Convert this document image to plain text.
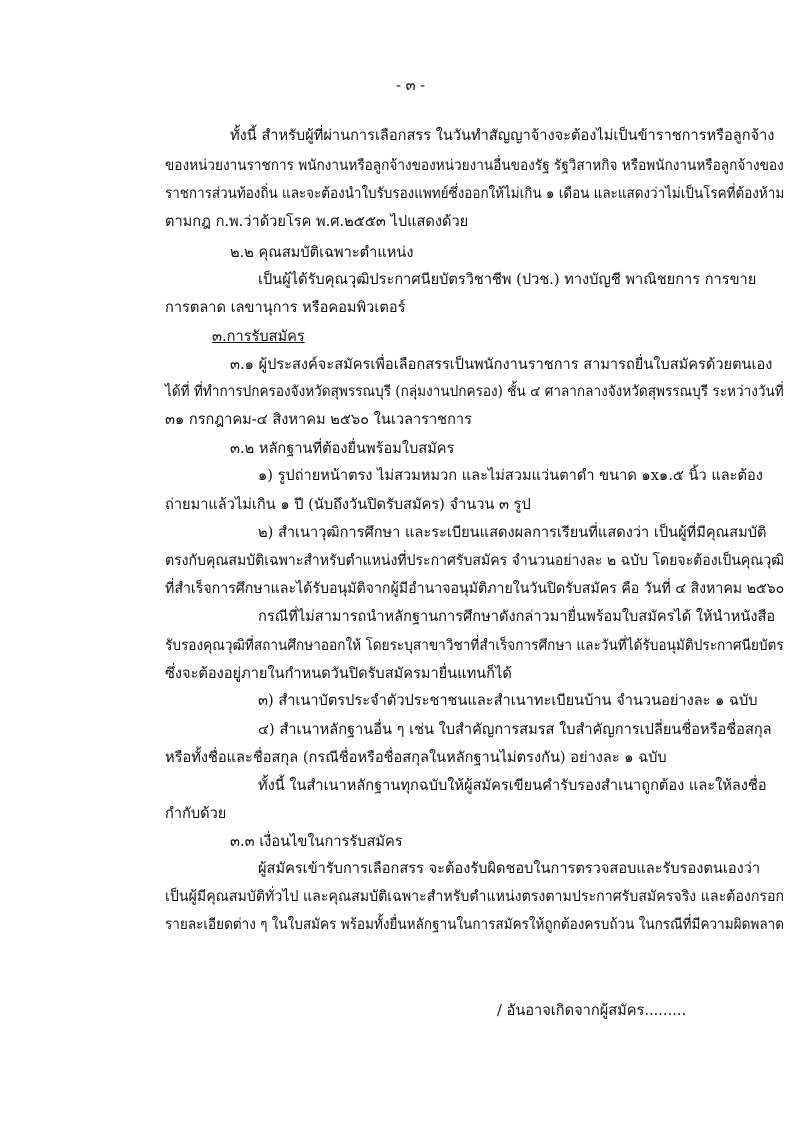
- ๓ -

ทั้งนี้ สำหรับผู้ที่ผ่านการเลือกสรร ในวันทำสัญญาจ้างจะต้องไม่เป็นข้าราชการหรือลูกจ้าง

ของหน่วยงานราชการ พนักงานหรือลูกจ้างของหน่วยงานอื่นของรัฐ รัฐวิสาหกิจ หรือพนักงานหรือลูกจ้างของ

ราชการส่วนท้องถิ่น และจะต้องนำใบรับรองแพทย์ซึ่งออกให้ไม่เกิน ๑ เดือน และแสดงว่าไม่เป็นโรคที่ต้องห้าม

ตามกฎ ก.พ.ว่าด้วยโรค พ.ศ.๒๕๕๓ ไปแสดงด้วย

๒.๒ คุณสมบัติเฉพาะตำแหน่ง

เป็นผู้ได้รับคุณวุฒิประกาศนียบัตรวิชาชีพ (ปวช.) ทางบัญชี พาณิชยการ การขาย

การตลาด เลขานุการ หรือคอมพิวเตอร์

๓.การรับสมัคร

๓.๑ ผู้ประสงค์จะสมัครเพื่อเลือกสรรเป็นพนักงานราชการ สามารถยื่นใบสมัครด้วยตนเอง

ได้ที่ ที่ทำการปกครองจังหวัดสุพรรณบุรี (กลุ่มงานปกครอง) ชั้น ๔ ศาลากลางจังหวัดสุพรรณบุรี ระหว่างวันที่

๓๑ กรกฎาคม-๔ สิงหาคม ๒๕๖๐ ในเวลาราชการ

๓.๒ หลักฐานที่ต้องยื่นพร้อมใบสมัคร

๑) รูปถ่ายหน้าตรง ไม่สวมหมวก และไม่สวมแว่นตาดำ ขนาด ๑x๑.๕ นิ้ว และต้อง

ถ่ายมาแล้วไม่เกิน ๑ ปี (นับถึงวันปิดรับสมัคร) จำนวน ๓ รูป

๒) สำเนาวุฒิการศึกษา และระเบียนแสดงผลการเรียนที่แสดงว่า เป็นผู้ที่มีคุณสมบัติ

ตรงกับคุณสมบัติเฉพาะสำหรับตำแหน่งที่ประกาศรับสมัคร จำนวนอย่างละ ๒ ฉบับ โดยจะต้องเป็นคุณวุฒิ

ที่สำเร็จการศึกษาและได้รับอนุมัติจากผู้มีอำนาจอนุมัติภายในวันปิดรับสมัคร คือ วันที่ ๔ สิงหาคม ๒๕๖๐

กรณีที่ไม่สามารถนำหลักฐานการศึกษาดังกล่าวมายื่นพร้อมใบสมัครได้ ให้นำหนังสือ

รับรองคุณวุฒิที่สถานศึกษาออกให้ โดยระบุสาขาวิชาที่สำเร็จการศึกษา และวันที่ได้รับอนุมัติประกาศนียบัตร

ซึ่งจะต้องอยู่ภายในกำหนดวันปิดรับสมัครมายื่นแทนก็ได้

๓) สำเนาบัตรประจำตัวประชาชนและสำเนาทะเบียนบ้าน จำนวนอย่างละ ๑ ฉบับ

๔) สำเนาหลักฐานอื่น ๆ เช่น ใบสำคัญการสมรส ใบสำคัญการเปลี่ยนชื่อหรือชื่อสกุล

หรือทั้งชื่อและชื่อสกุล (กรณีชื่อหรือชื่อสกุลในหลักฐานไม่ตรงกัน) อย่างละ ๑ ฉบับ

ทั้งนี้ ในสำเนาหลักฐานทุกฉบับให้ผู้สมัครเขียนคำรับรองสำเนาถูกต้อง และให้ลงชื่อ

กำกับด้วย

๓.๓ เงื่อนไขในการรับสมัคร

ผู้สมัครเข้ารับการเลือกสรร จะต้องรับผิดชอบในการตรวจสอบและรับรองตนเองว่า

เป็นผู้มีคุณสมบัติทั่วไป และคุณสมบัติเฉพาะสำหรับตำแหน่งตรงตามประกาศรับสมัครจริง และต้องกรอก

รายละเอียดต่าง ๆ ในใบสมัคร พร้อมทั้งยื่นหลักฐานในการสมัครให้ถูกต้องครบถ้วน ในกรณีที่มีความผิดพลาด

/ อันอาจเกิดจากผู้สมัคร.........
